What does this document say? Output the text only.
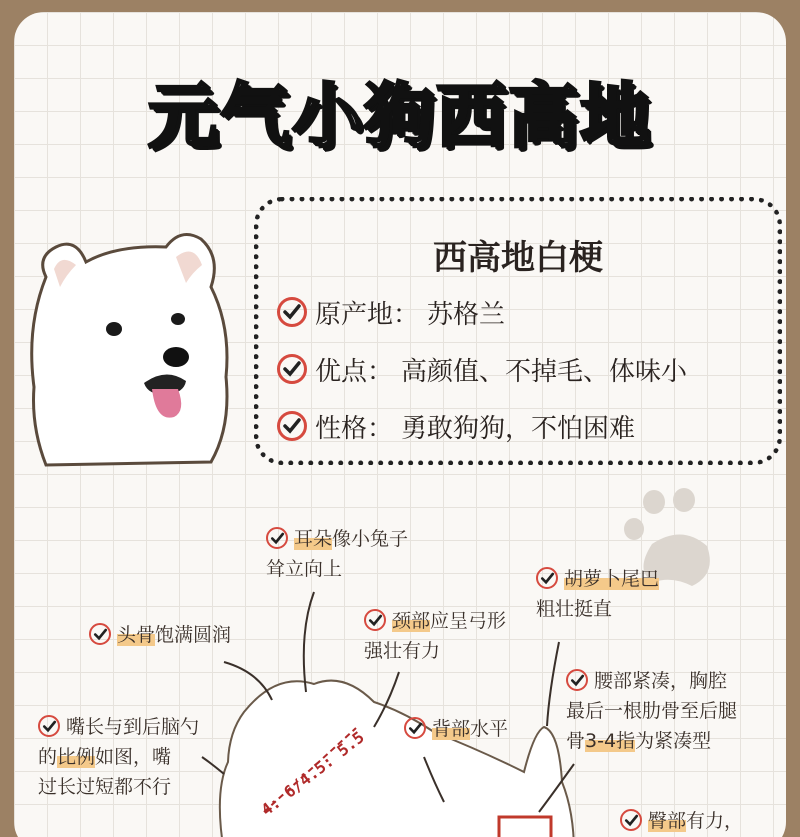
元气小狗西高地
西高地白梗
原产地： 苏格兰
优点： 高颜值、不掉毛、体味小
性格： 勇敢狗狗，不怕困难
4: 6/4.5: 5.5
耳朵像小兔子
耸立向上
头骨饱满圆润
颈部应呈弓形
强壮有力
胡萝卜尾巴
粗壮挺直
嘴长与到后脑勺
的比例如图，嘴
过长过短都不行
背部水平
腰部紧凑，胸腔
最后一根肋骨至后腿
骨3-4指为紧凑型
臀部有力，
